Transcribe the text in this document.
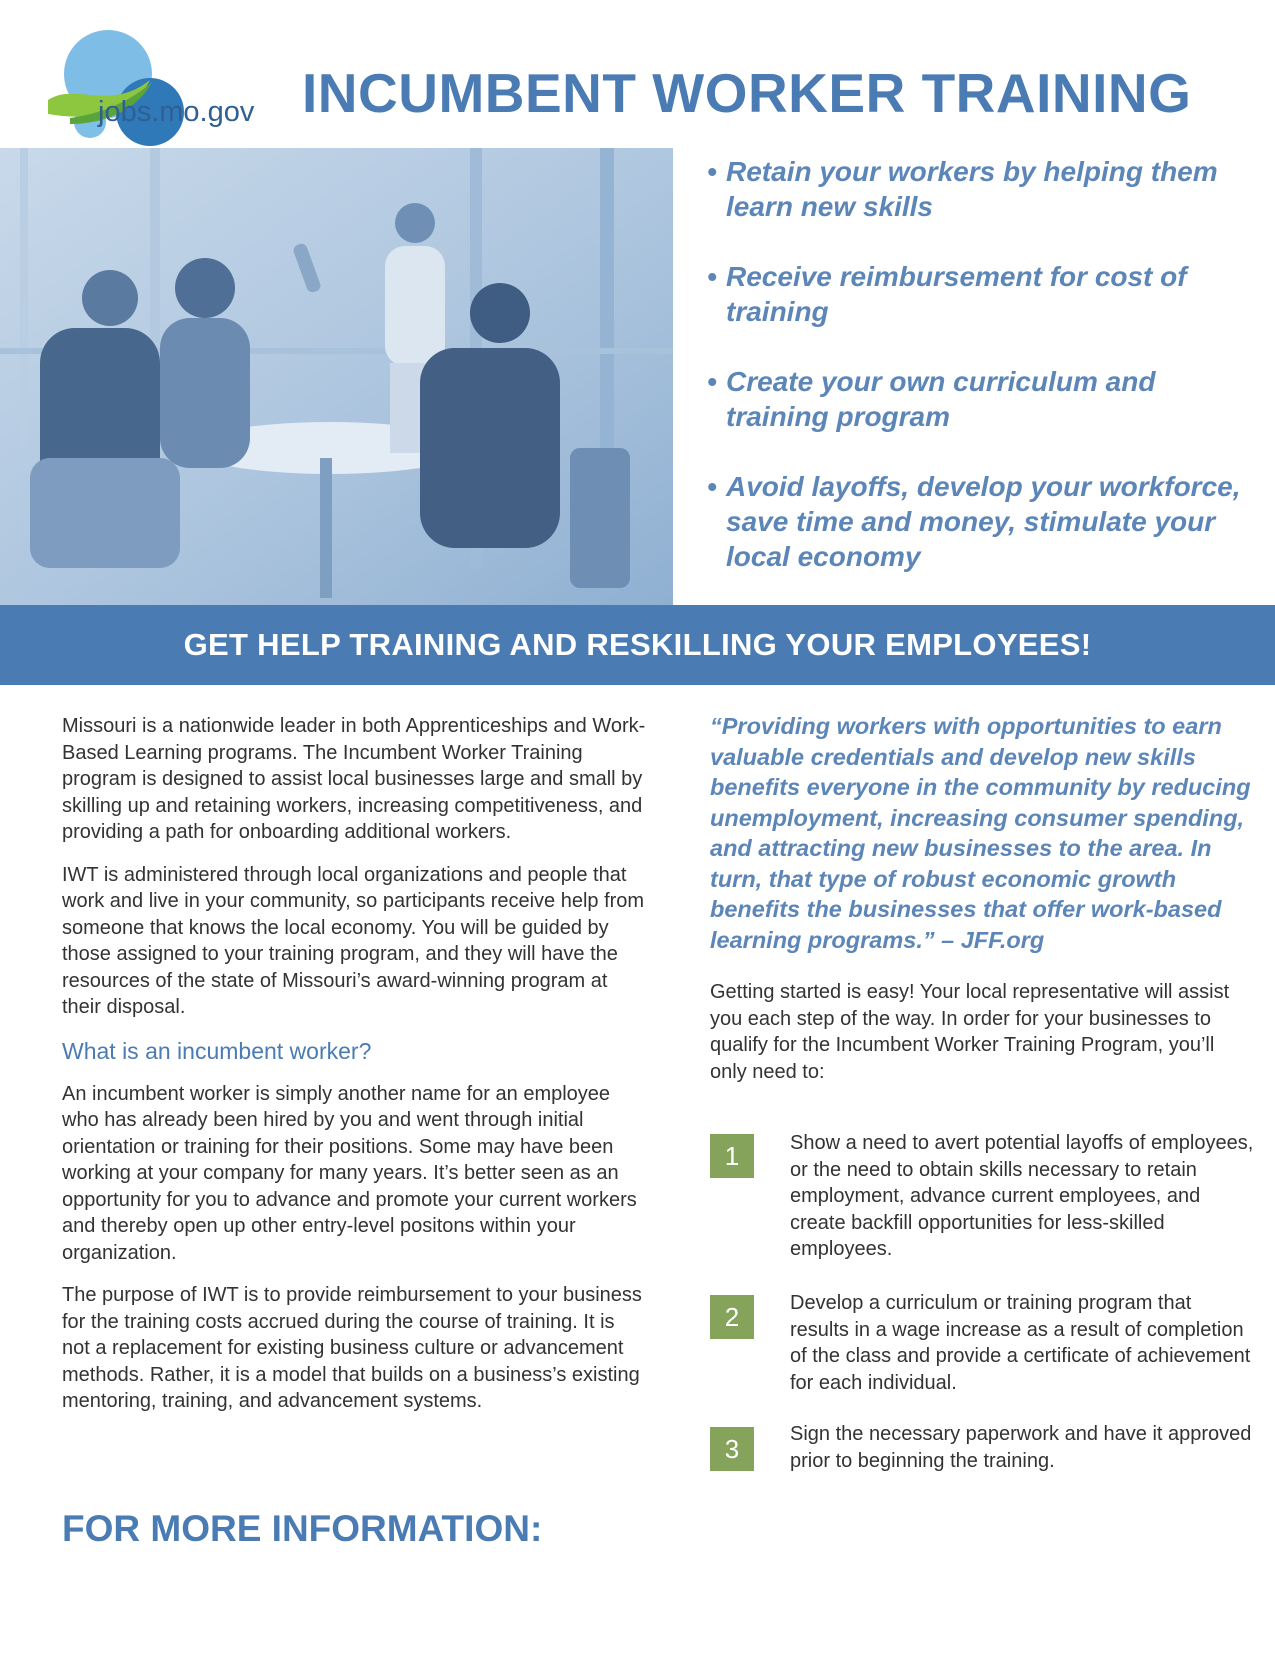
jobs.mo.gov INCUMBENT WORKER TRAINING
• Retain your workers by helping them learn new skills
• Receive reimbursement for cost of training
• Create your own curriculum and training program
• Avoid layoffs, develop your workforce, save time and money, stimulate your local economy
GET HELP TRAINING AND RESKILLING YOUR EMPLOYEES!

Missouri is a nationwide leader in both Apprenticeships and Work-Based Learning programs. The Incumbent Worker Training program is designed to assist local businesses large and small by skilling up and retaining workers, increasing competitiveness, and providing a path for onboarding additional workers.

IWT is administered through local organizations and people that work and live in your community, so participants receive help from someone that knows the local economy. You will be guided by those assigned to your training program, and they will have the resources of the state of Missouri’s award-winning program at their disposal.

What is an incumbent worker?

An incumbent worker is simply another name for an employee who has already been hired by you and went through initial orientation or training for their positions. Some may have been working at your company for many years. It’s better seen as an opportunity for you to advance and promote your current workers and thereby open up other entry-level positons within your organization.

The purpose of IWT is to provide reimbursement to your business for the training costs accrued during the course of training. It is not a replacement for existing business culture or advancement methods. Rather, it is a model that builds on a business’s existing mentoring, training, and advancement systems.

FOR MORE INFORMATION:

“Providing workers with opportunities to earn valuable credentials and develop new skills benefits everyone in the community by reducing unemployment, increasing consumer spending, and attracting new businesses to the area. In turn, that type of robust economic growth benefits the businesses that offer work-based learning programs.” – JFF.org

Getting started is easy! Your local representative will assist you each step of the way. In order for your businesses to qualify for the Incumbent Worker Training Program, you’ll only need to:

1	Show a need to avert potential layoffs of employees, or the need to obtain skills necessary to retain employment, advance current employees, and create backfill opportunities for less-skilled employees.
2	Develop a curriculum or training program that results in a wage increase as a result of completion of the class and provide a certificate of achievement for each individual.
3	Sign the necessary paperwork and have it approved prior to beginning the training.
